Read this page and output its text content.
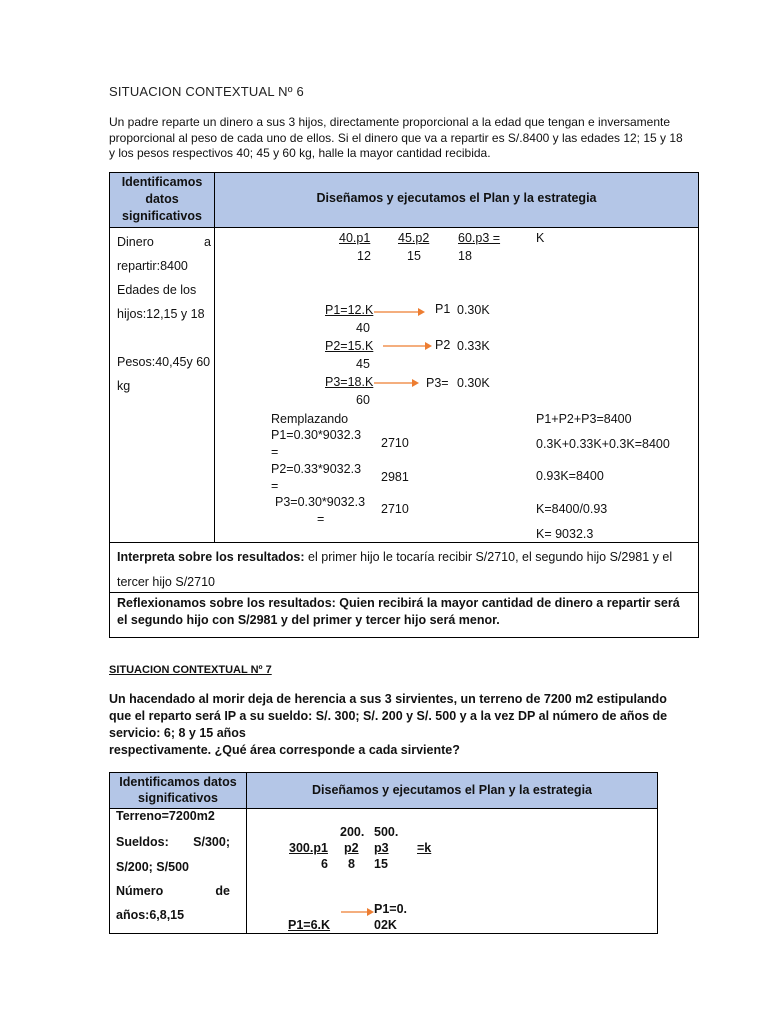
SITUACION CONTEXTUAL Nº 6
Un padre reparte un dinero a sus 3 hijos, directamente proporcional a la edad que tengan e inversamente proporcional al peso de cada uno de ellos. Si el dinero que va a repartir es S/.8400 y las edades 12; 15 y 18 y los pesos respectivos 40; 45 y 60 kg, halle la mayor cantidad recibida.
Identificamos datos significativos
Diseñamos y ejecutamos el Plan y la estrategia
Dinero a repartir:8400
Edades de los hijos:12,15 y 18
Pesos:40,45y 60 kg
40.p1
12
45.p2
15
60.p3 =
18
K
P1=12.K
40
P1 0.30K
P2=15.K
45
P2 0.33K
P3=18.K
60
P3= 0.30K
Remplazando
P1=0.30*9032.3
=
2710
P2=0.33*9032.3
=
2981
P3=0.30*9032.3
=
2710
P1+P2+P3=8400
0.3K+0.33K+0.3K=8400
0.93K=8400
K=8400/0.93
K= 9032.3
Interpreta sobre los resultados: el primer hijo le tocaría recibir S/2710, el segundo hijo S/2981 y el tercer hijo S/2710
Reflexionamos sobre los resultados: Quien recibirá la mayor cantidad de dinero a repartir será el segundo hijo con S/2981 y del primer y tercer hijo será menor.
SITUACION CONTEXTUAL Nº 7
Un hacendado al morir deja de herencia a sus 3 sirvientes, un terreno de 7200 m2 estipulando que el reparto será IP a su sueldo: S/. 300; S/. 200 y S/. 500 y a la vez DP al número de años de servicio: 6; 8 y 15 años
respectivamente. ¿Qué área corresponde a cada sirviente?
Identificamos datos significativos
Diseñamos y ejecutamos el Plan y la estrategia
Terreno=7200m2
Sueldos: S/300;
S/200; S/500
Número de
años:6,8,15
300.p1
6
200.
p2
8
500.
p3
15
=k
P1=6.K
P1=0.
02K
